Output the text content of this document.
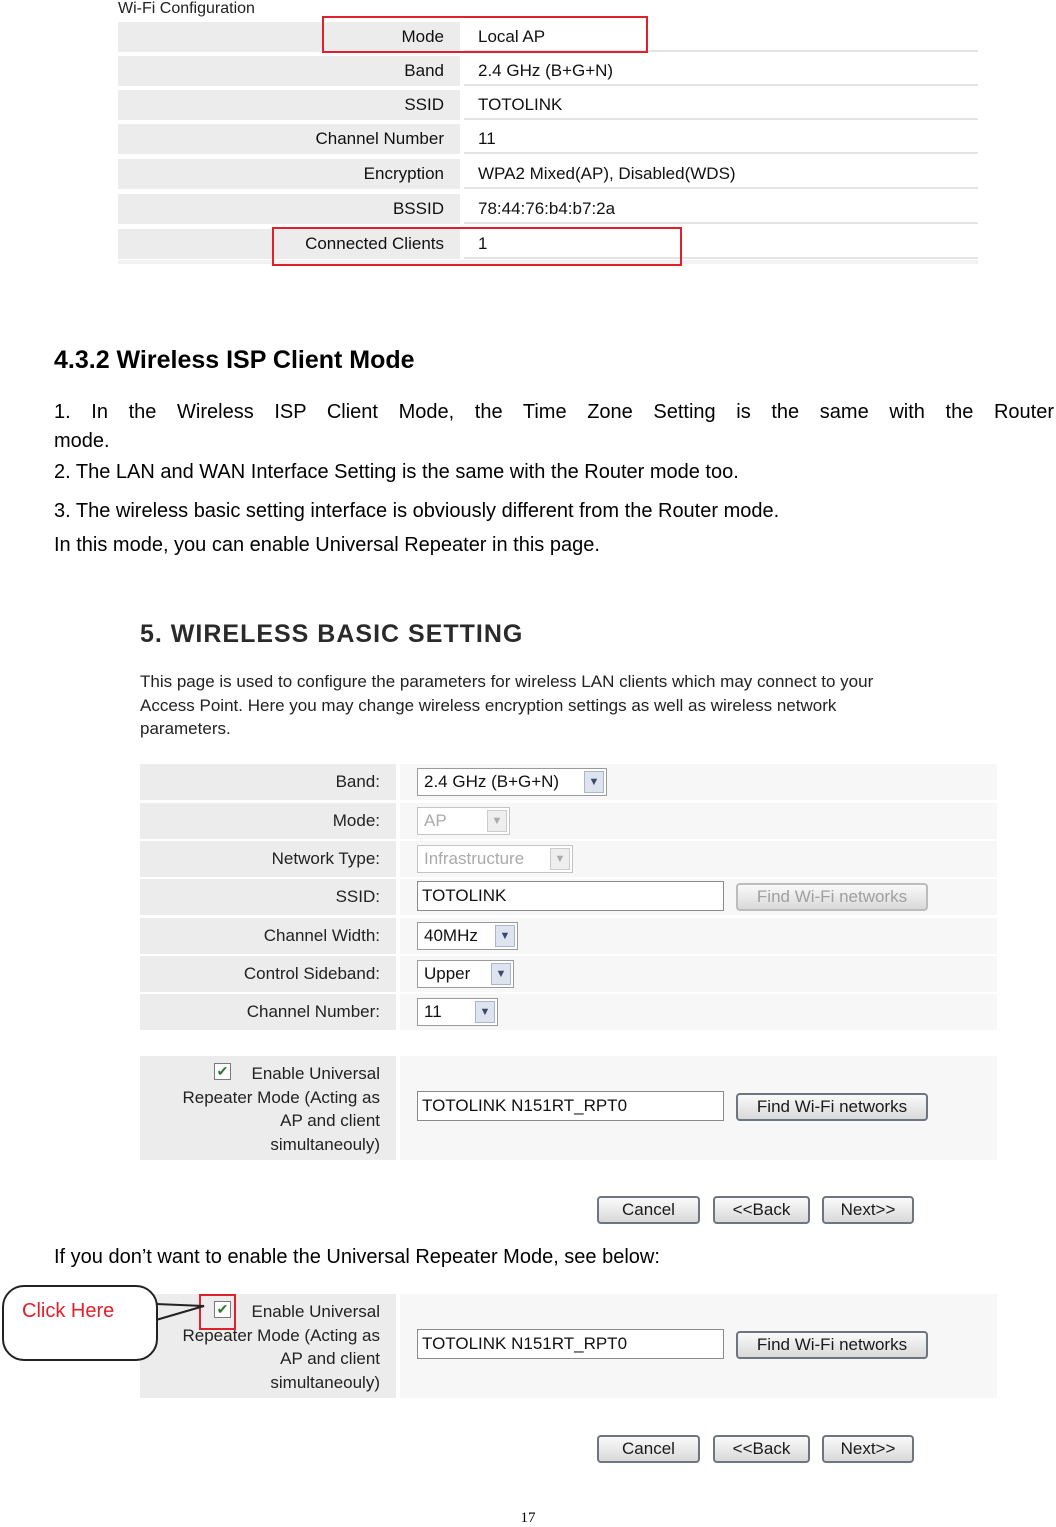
Wi-Fi Configuration
Mode	Local AP
Band	2.4 GHz (B+G+N)
SSID	TOTOLINK
Channel Number	11
Encryption	WPA2 Mixed(AP), Disabled(WDS)
BSSID	78:44:76:b4:b7:2a
Connected Clients	1
4.3.2 Wireless ISP Client Mode
1. In the Wireless ISP Client Mode, the Time Zone Setting is the same with the Router
mode.
2. The LAN and WAN Interface Setting is the same with the Router mode too.
3. The wireless basic setting interface is obviously different from the Router mode.
In this mode, you can enable Universal Repeater in this page.
5. WIRELESS BASIC SETTING
This page is used to configure the parameters for wireless LAN clients which may connect to your
Access Point. Here you may change wireless encryption settings as well as wireless network
parameters.
Band:	2.4 GHz (B+G+N)	▼
Mode:	AP	▼
Network Type:	Infrastructure	▼
SSID:	TOTOLINK	Find Wi-Fi networks
Channel Width:	40MHz	▼
Control Sideband:	Upper	▼
Channel Number:	11	▼
✔	Enable Universal
Repeater Mode (Acting as
AP and client
simultaneouly)
TOTOLINK N151RT_RPT0	Find Wi-Fi networks
Cancel	<<Back	Next>>
If you don’t want to enable the Universal Repeater Mode, see below:
✔	Enable Universal
Repeater Mode (Acting as
AP and client
simultaneouly)
TOTOLINK N151RT_RPT0	Find Wi-Fi networks
Click Here
Cancel	<<Back	Next>>
17
